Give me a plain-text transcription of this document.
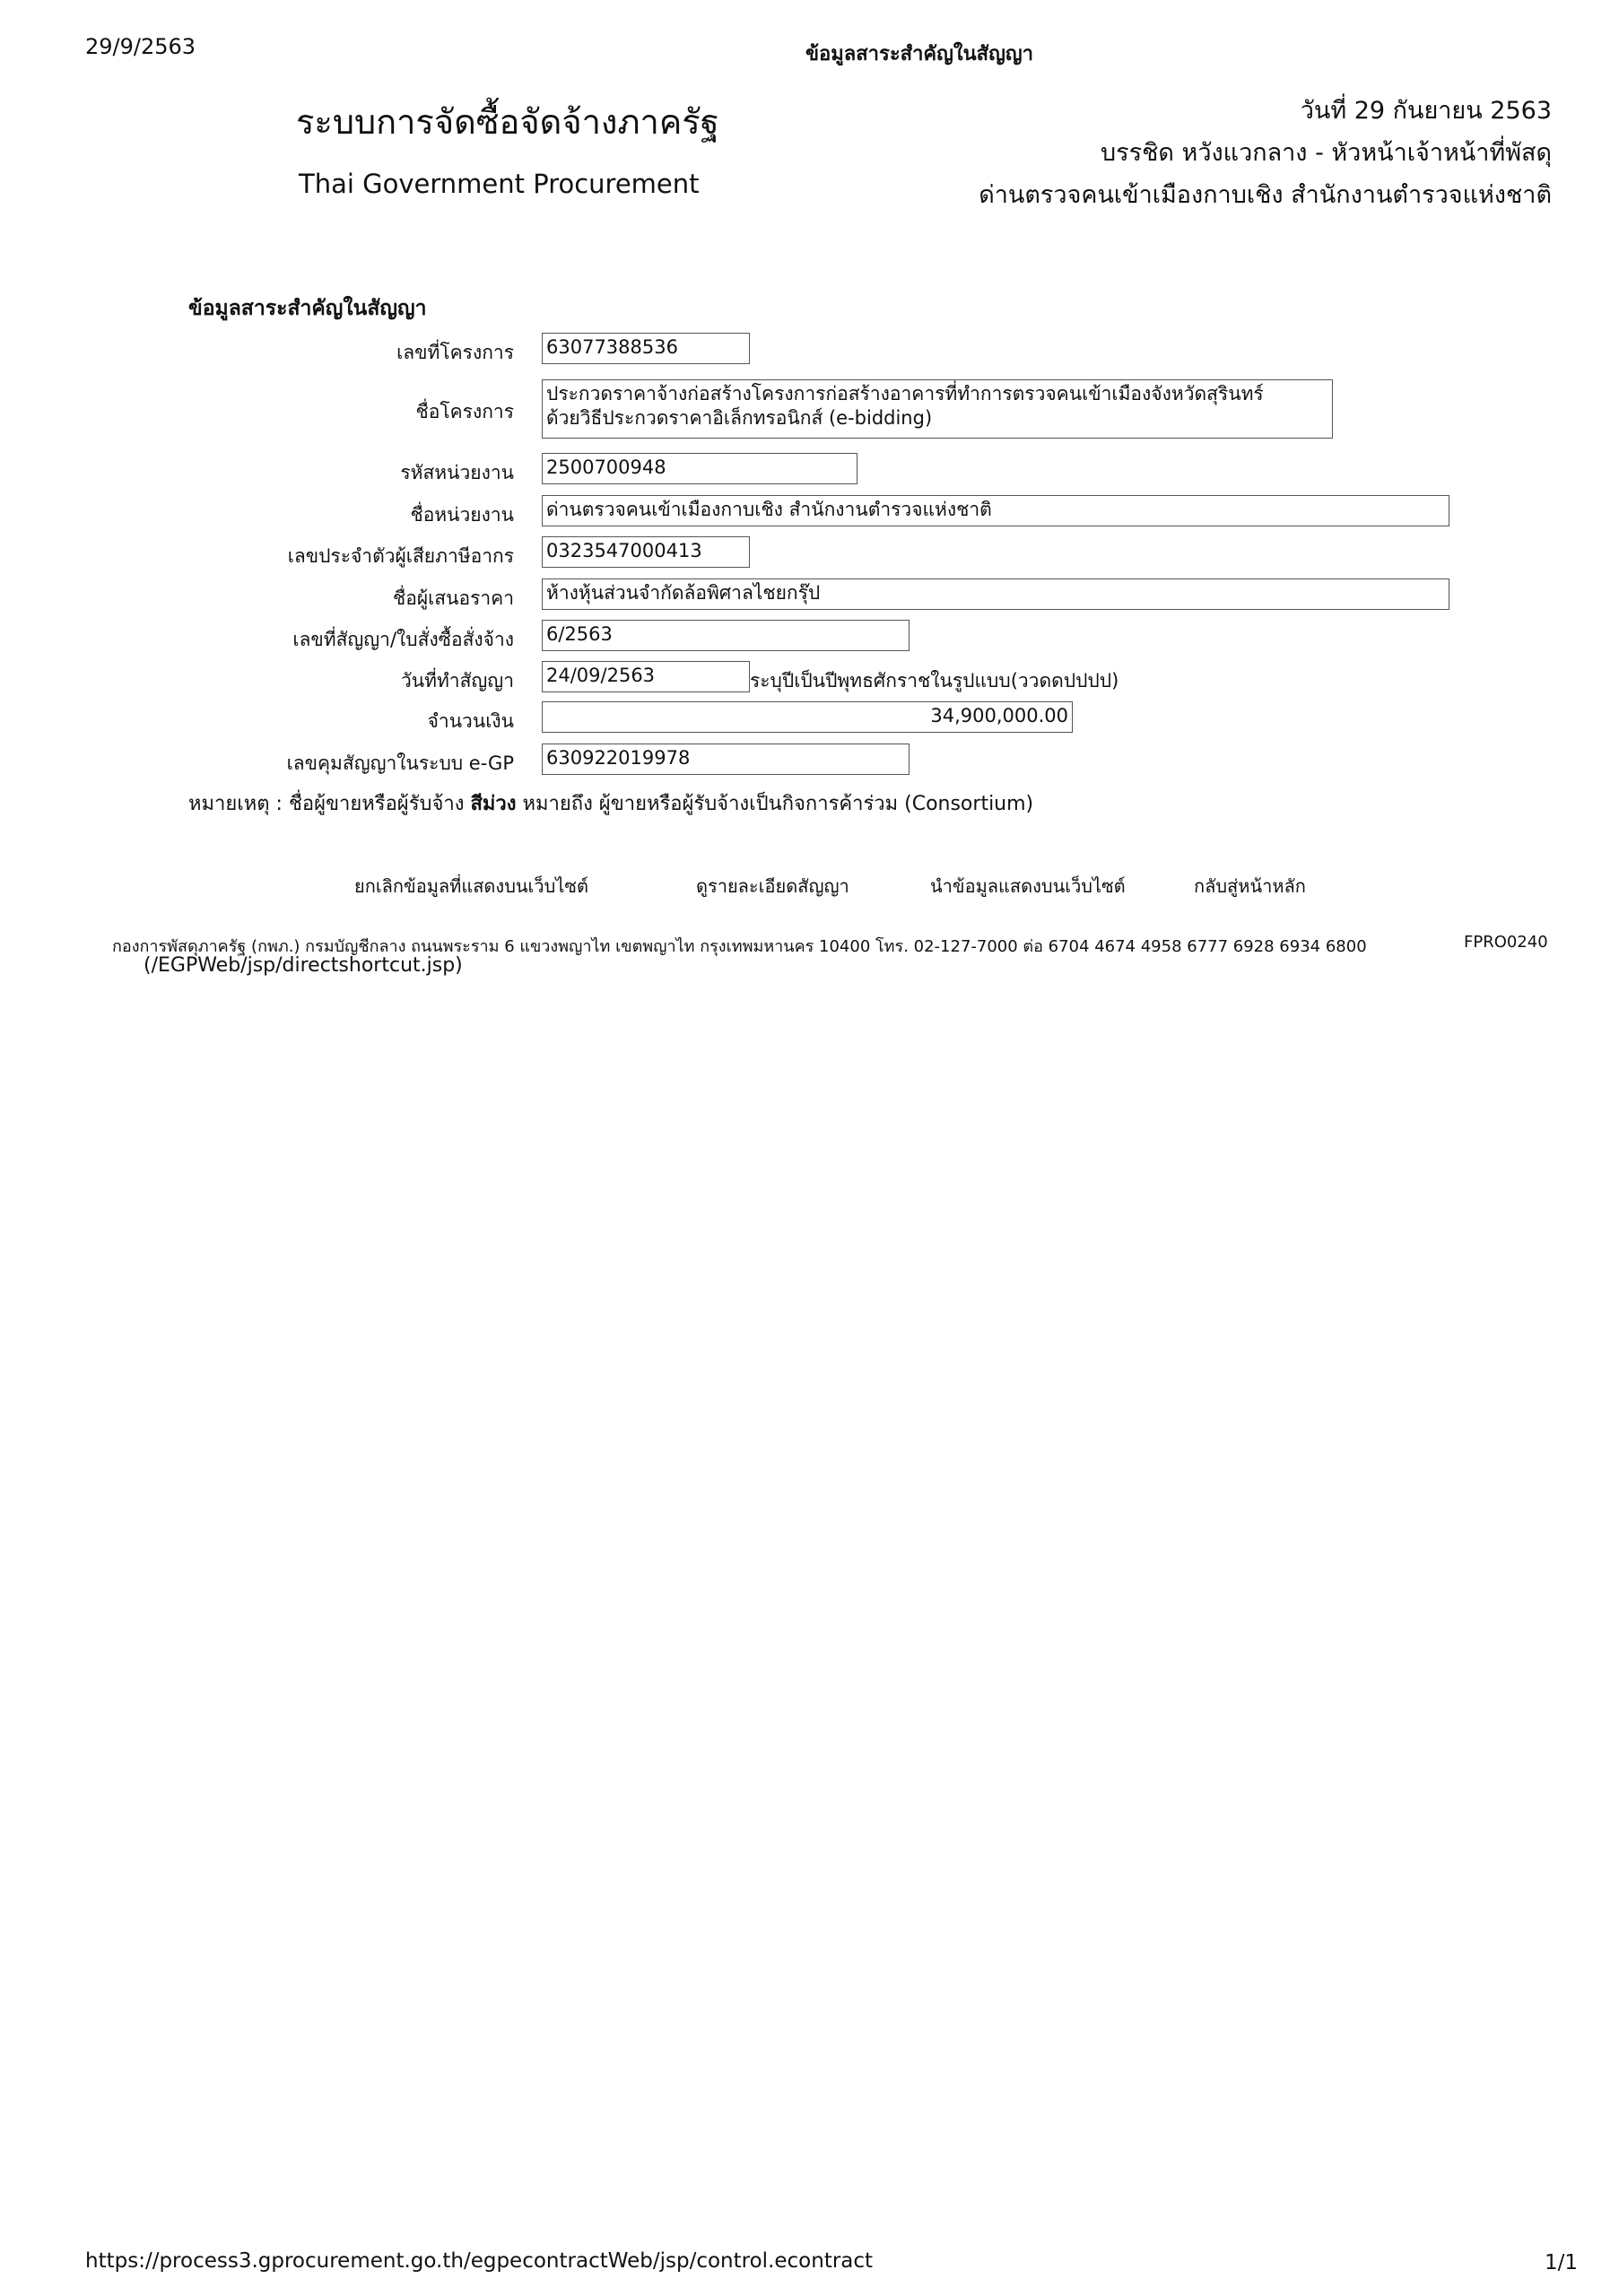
29/9/2563	ข้อมูลสาระสำคัญในสัญญา
ระบบการจัดซื้อจัดจ้างภาครัฐ
Thai Government Procurement
วันที่ 29 กันยายน 2563
บรรชิด หวังแวกลาง - หัวหน้าเจ้าหน้าที่พัสดุ
ด่านตรวจคนเข้าเมืองกาบเชิง สำนักงานตำรวจแห่งชาติ
ข้อมูลสาระสำคัญในสัญญา
เลขที่โครงการ 63077388536
ชื่อโครงการ
ประกวดราคาจ้างก่อสร้างโครงการก่อสร้างอาคารที่ทำการตรวจคนเข้าเมืองจังหวัดสุรินทร์
ด้วยวิธีประกวดราคาอิเล็กทรอนิกส์ (e-bidding)
รหัสหน่วยงาน 2500700948
ชื่อหน่วยงาน ด่านตรวจคนเข้าเมืองกาบเชิง สำนักงานตำรวจแห่งชาติ
เลขประจำตัวผู้เสียภาษีอากร 0323547000413
ชื่อผู้เสนอราคา ห้างหุ้นส่วนจำกัดล้อพิศาลไชยกรุ๊ป
เลขที่สัญญา/ใบสั่งซื้อสั่งจ้าง 6/2563
วันที่ทำสัญญา 24/09/2563	ระบุปีเป็นปีพุทธศักราชในรูปแบบ(ววดดปปปป)
จำนวนเงิน	34,900,000.00
เลขคุมสัญญาในระบบ e-GP 630922019978
หมายเหตุ : ชื่อผู้ขายหรือผู้รับจ้าง สีม่วง หมายถึง ผู้ขายหรือผู้รับจ้างเป็นกิจการค้าร่วม (Consortium)
ยกเลิกข้อมูลที่แสดงบนเว็บไซต์	ดูรายละเอียดสัญญา	นำข้อมูลแสดงบนเว็บไซต์	กลับสู่หน้าหลัก
กองการพัสดุภาครัฐ (กพภ.) กรมบัญชีกลาง ถนนพระราม 6 แขวงพญาไท เขตพญาไท กรุงเทพมหานคร 10400 โทร. 02-127-7000 ต่อ 6704 4674 4958 6777 6928 6934 6800	FPRO0240
(/EGPWeb/jsp/directshortcut.jsp)
https://process3.gprocurement.go.th/egpecontractWeb/jsp/control.econtract	1/1
